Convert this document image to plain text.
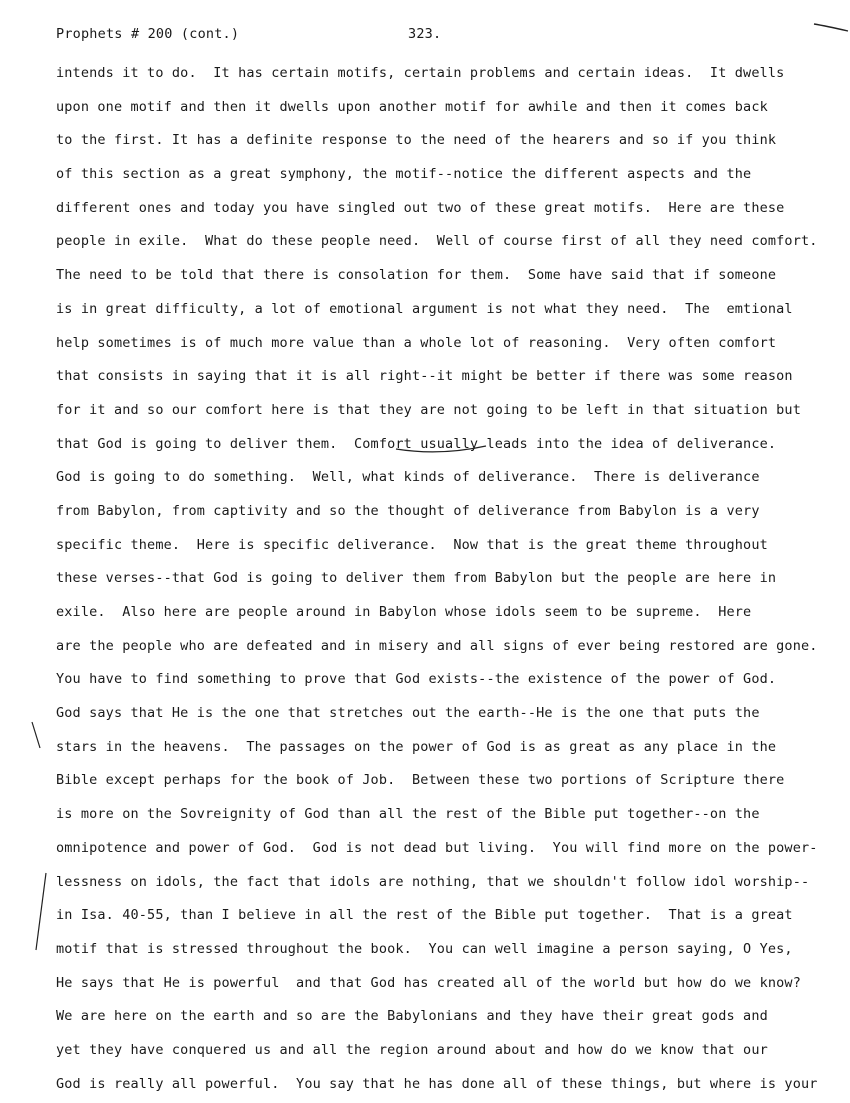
Prophets # 200 (cont.)	323.
intends it to do.  It has certain motifs, certain problems and certain ideas.  It dwells
upon one motif and then it dwells upon another motif for awhile and then it comes back
to the first. It has a definite response to the need of the hearers and so if you think
of this section as a great symphony, the motif--notice the different aspects and the
different ones and today you have singled out two of these great motifs.  Here are these
people in exile.  What do these people need.  Well of course first of all they need comfort.
The need to be told that there is consolation for them.  Some have said that if someone
is in great difficulty, a lot of emotional argument is not what they need.  The  emtional
help sometimes is of much more value than a whole lot of reasoning.  Very often comfort
that consists in saying that it is all right--it might be better if there was some reason
for it and so our comfort here is that they are not going to be left in that situation but
that God is going to deliver them.  Comfort usually leads into the idea of deliverance.
God is going to do something.  Well, what kinds of deliverance.  There is deliverance
from Babylon, from captivity and so the thought of deliverance from Babylon is a very
specific theme.  Here is specific deliverance.  Now that is the great theme throughout
these verses--that God is going to deliver them from Babylon but the people are here in
exile.  Also here are people around in Babylon whose idols seem to be supreme.  Here
are the people who are defeated and in misery and all signs of ever being restored are gone.
You have to find something to prove that God exists--the existence of the power of God.
God says that He is the one that stretches out the earth--He is the one that puts the
stars in the heavens.  The passages on the power of God is as great as any place in the
Bible except perhaps for the book of Job.  Between these two portions of Scripture there
is more on the Sovreignity of God than all the rest of the Bible put together--on the
omnipotence and power of God.  God is not dead but living.  You will find more on the power-
lessness on idols, the fact that idols are nothing, that we shouldn't follow idol worship--
in Isa. 40-55, than I believe in all the rest of the Bible put together.  That is a great
motif that is stressed throughout the book.  You can well imagine a person saying, O Yes,
He says that He is powerful  and that God has created all of the world but how do we know?
We are here on the earth and so are the Babylonians and they have their great gods and
yet they have conquered us and all the region around about and how do we know that our
God is really all powerful.  You say that he has done all of these things, but where is your
